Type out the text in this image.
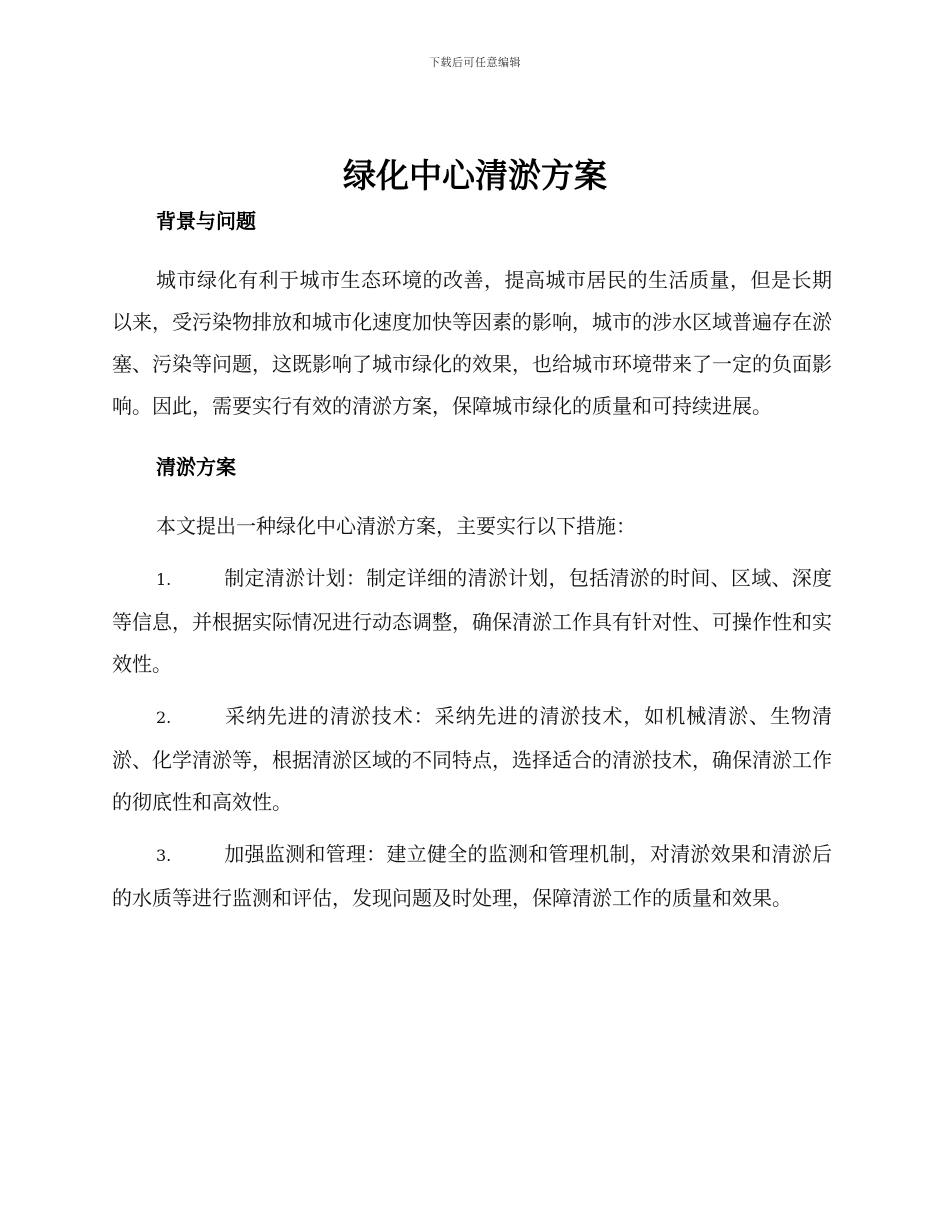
下载后可任意编辑
绿化中心清淤方案
背景与问题

城市绿化有利于城市生态环境的改善，提高城市居民的生活质量，但是长期以来，受污染物排放和城市化速度加快等因素的影响，城市的涉水区域普遍存在淤塞、污染等问题，这既影响了城市绿化的效果，也给城市环境带来了一定的负面影响。因此，需要实行有效的清淤方案，保障城市绿化的质量和可持续进展。

清淤方案

本文提出一种绿化中心清淤方案，主要实行以下措施：

1.	制定清淤计划：制定详细的清淤计划，包括清淤的时间、区域、深度等信息，并根据实际情况进行动态调整，确保清淤工作具有针对性、可操作性和实效性。

2.	采纳先进的清淤技术：采纳先进的清淤技术，如机械清淤、生物清淤、化学清淤等，根据清淤区域的不同特点，选择适合的清淤技术，确保清淤工作的彻底性和高效性。

3.	加强监测和管理：建立健全的监测和管理机制，对清淤效果和清淤后的水质等进行监测和评估，发现问题及时处理，保障清淤工作的质量和效果。
